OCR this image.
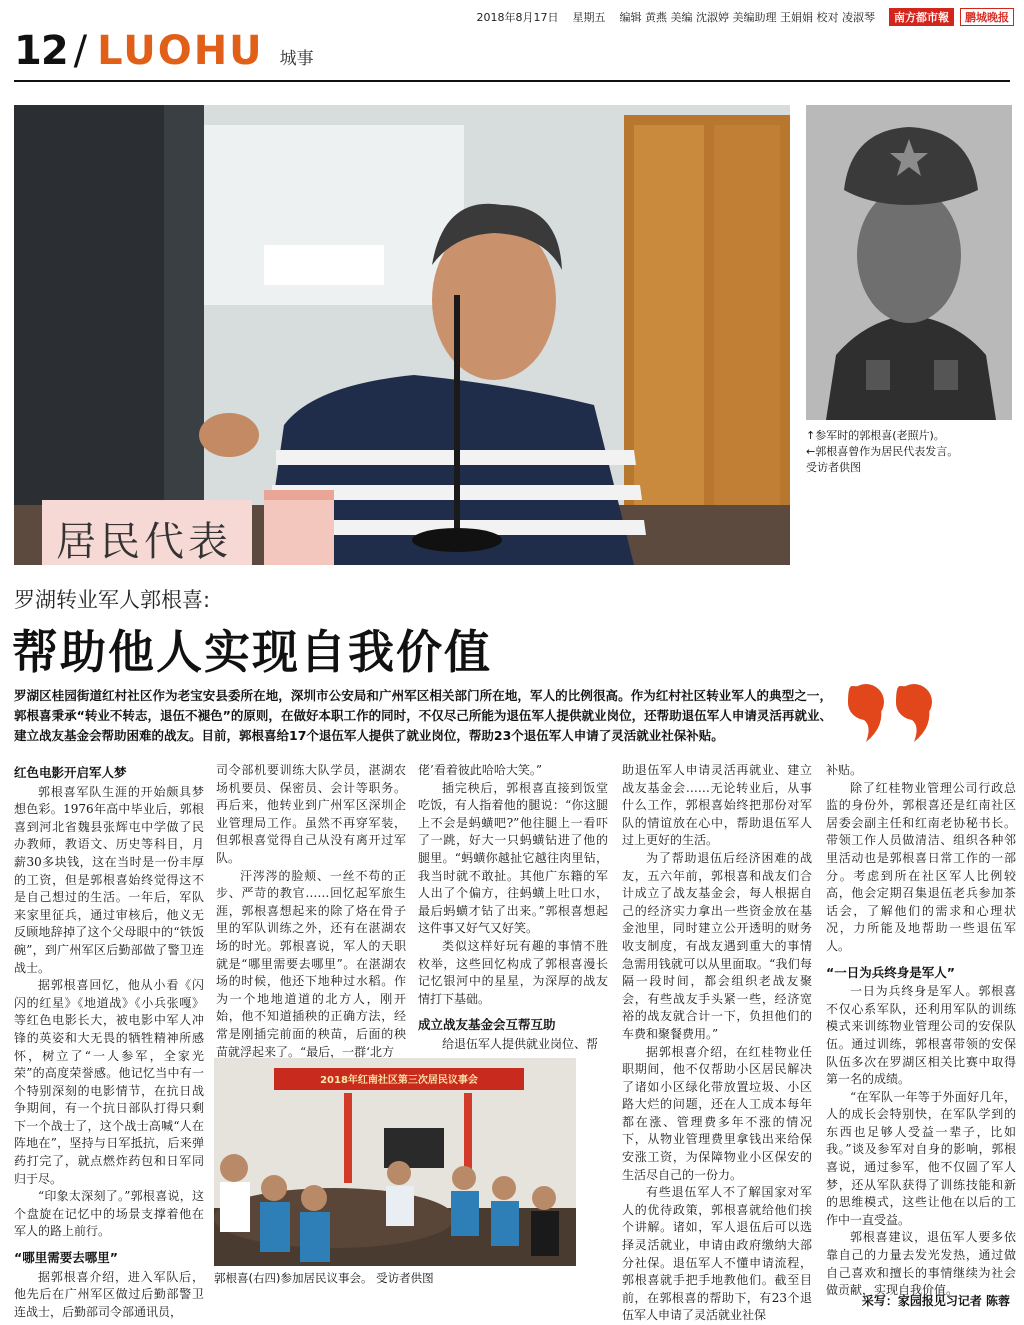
2018年8月17日 星期五 编辑 黄燕 美编 沈淑婷 美编助理 王娟娟 校对 凌淑琴	南方都市報	鹏城晚报
12 / LUOHU 城事
居民代表
↑参军时的郭根喜(老照片)。
←郭根喜曾作为居民代表发言。
受访者供图
罗湖转业军人郭根喜:
帮助他人实现自我价值
罗湖区桂园街道红村社区作为老宝安县委所在地，深圳市公安局和广州军区相关部门所在地，军人的比例很高。作为红村社区转业军人的典型之一，郭根喜秉承“转业不转志，退伍不褪色”的原则，在做好本职工作的同时，不仅尽己所能为退伍军人提供就业岗位，还帮助退伍军人申请灵活再就业、建立战友基金会帮助困难的战友。目前，郭根喜给17个退伍军人提供了就业岗位，帮助23个退伍军人申请了灵活就业社保补贴。
红色电影开启军人梦

郭根喜军队生涯的开始颇具梦想色彩。1976年高中毕业后，郭根喜到河北省魏县张辉屯中学做了民办教师，教语文、历史等科目，月薪30多块钱，这在当时是一份丰厚的工资，但是郭根喜始终觉得这不是自己想过的生活。一年后，军队来家里征兵，通过审核后，他义无反顾地辞掉了这个父母眼中的“铁饭碗”，到广州军区后勤部做了警卫连战士。

据郭根喜回忆，他从小看《闪闪的红星》《地道战》《小兵张嘎》等红色电影长大，被电影中军人冲锋的英姿和大无畏的牺牲精神所感怀，树立了“一人参军，全家光荣”的高度荣誉感。他记忆当中有一个特别深刻的电影情节，在抗日战争期间，有一个抗日部队打得只剩下一个战士了，这个战士高喊“人在阵地在”，坚持与日军抵抗，后来弹药打完了，就点燃炸药包和日军同归于尽。

“印象太深刻了。”郭根喜说，这个盘旋在记忆中的场景支撑着他在军人的路上前行。

“哪里需要去哪里”

据郭根喜介绍，进入军队后，他先后在广州军区做过后勤部警卫连战士，后勤部司令部通讯员，

司令部机要训练大队学员，湛湖农场机要员、保密员、会计等职务。再后来，他转业到广州军区深圳企业管理局工作。虽然不再穿军装，但郭根喜觉得自己从没有离开过军队。

汗涔涔的脸颊、一丝不苟的正步、严苛的教官……回忆起军旅生涯，郭根喜想起来的除了烙在骨子里的军队训练之外，还有在湛湖农场的时光。郭根喜说，军人的天职就是“哪里需要去哪里”。在湛湖农场的时候，他还下地种过水稻。作为一个地地道道的北方人，刚开始，他不知道插秧的正确方法，经常是刚插完前面的秧苗，后面的秧苗就浮起来了。“最后，一群‘北方

佬’看着彼此哈哈大笑。”

插完秧后，郭根喜直接到饭堂吃饭，有人指着他的腿说：“你这腿上不会是蚂蟥吧?”他往腿上一看吓了一跳，好大一只蚂蟥钻进了他的腿里。“蚂蟥你越扯它越往肉里钻，我当时就不敢扯。其他广东籍的军人出了个偏方，往蚂蟥上吐口水，最后蚂蟥才钻了出来。”郭根喜想起这件事又好气又好笑。

类似这样好玩有趣的事情不胜枚举，这些回忆构成了郭根喜漫长记忆银河中的星星，为深厚的战友情打下基础。

成立战友基金会互帮互助

给退伍军人提供就业岗位、帮

2018年红南社区第三次居民议事会
郭根喜(右四)参加居民议事会。 受访者供图

助退伍军人申请灵活再就业、建立战友基金会……无论转业后，从事什么工作，郭根喜始终把那份对军队的情谊放在心中，帮助退伍军人过上更好的生活。

为了帮助退伍后经济困难的战友，五六年前，郭根喜和战友们合计成立了战友基金会，每人根据自己的经济实力拿出一些资金放在基金池里，同时建立公开透明的财务收支制度，有战友遇到重大的事情急需用钱就可以从里面取。“我们每隔一段时间，都会组织老战友聚会，有些战友手头紧一些，经济宽裕的战友就合计一下，负担他们的车费和聚餐费用。”

据郭根喜介绍，在红桂物业任职期间，他不仅帮助小区居民解决了诸如小区绿化带放置垃圾、小区路大烂的问题，还在人工成本每年都在涨、管理费多年不涨的情况下，从物业管理费里拿钱出来给保安涨工资，为保障物业小区保安的生活尽自己的一份力。

有些退伍军人不了解国家对军人的优待政策，郭根喜就给他们挨个讲解。诸如，军人退伍后可以选择灵活就业，申请由政府缴纳大部分社保。退伍军人不懂申请流程，郭根喜就手把手地教他们。截至目前，在郭根喜的帮助下，有23个退伍军人申请了灵活就业社保

补贴。

除了红桂物业管理公司行政总监的身份外，郭根喜还是红南社区居委会副主任和红南老协秘书长。带领工作人员做清洁、组织各种邻里活动也是郭根喜日常工作的一部分。考虑到所在社区军人比例较高，他会定期召集退伍老兵参加茶话会，了解他们的需求和心理状况，力所能及地帮助一些退伍军人。

“一日为兵终身是军人”

一日为兵终身是军人。郭根喜不仅心系军队，还利用军队的训练模式来训练物业管理公司的安保队伍。通过训练，郭根喜带领的安保队伍多次在罗湖区相关比赛中取得第一名的成绩。

“在军队一年等于外面好几年，人的成长会特别快，在军队学到的东西也足够人受益一辈子，比如我。”谈及参军对自身的影响，郭根喜说，通过参军，他不仅圆了军人梦，还从军队获得了训练技能和新的思维模式，这些让他在以后的工作中一直受益。

郭根喜建议，退伍军人要多依靠自己的力量去发光发热，通过做自己喜欢和擅长的事情继续为社会做贡献，实现自我价值。

采写：家园报见习记者 陈蓉
